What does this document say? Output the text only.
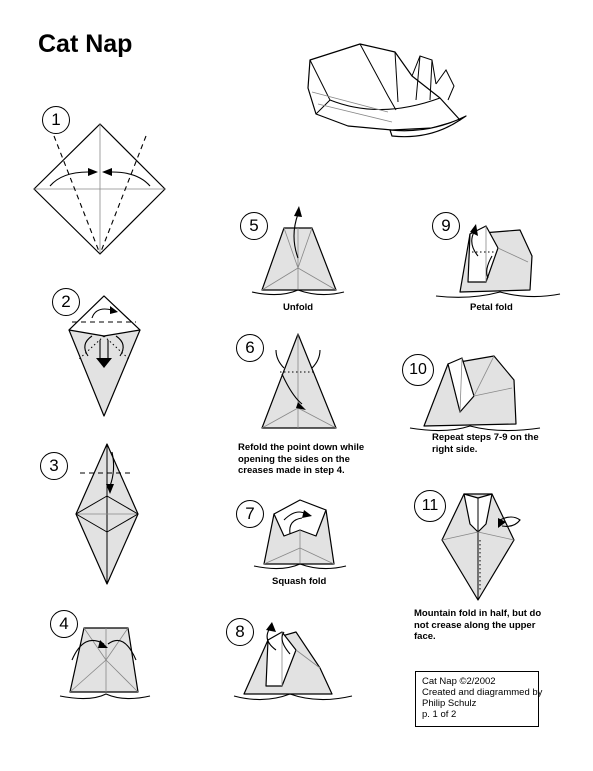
Cat Nap
1
2
3
4
5
6
7
8
9
10
11
Unfold
Refold the point down while
opening the sides on the
creases made in step 4.
Squash fold
Petal fold
Repeat steps 7-9 on the
right side.
Mountain fold in half, but do
not crease along the upper
face.
Cat Nap ©2/2002
Created and diagrammed by
Philip Schulz
p. 1 of 2
